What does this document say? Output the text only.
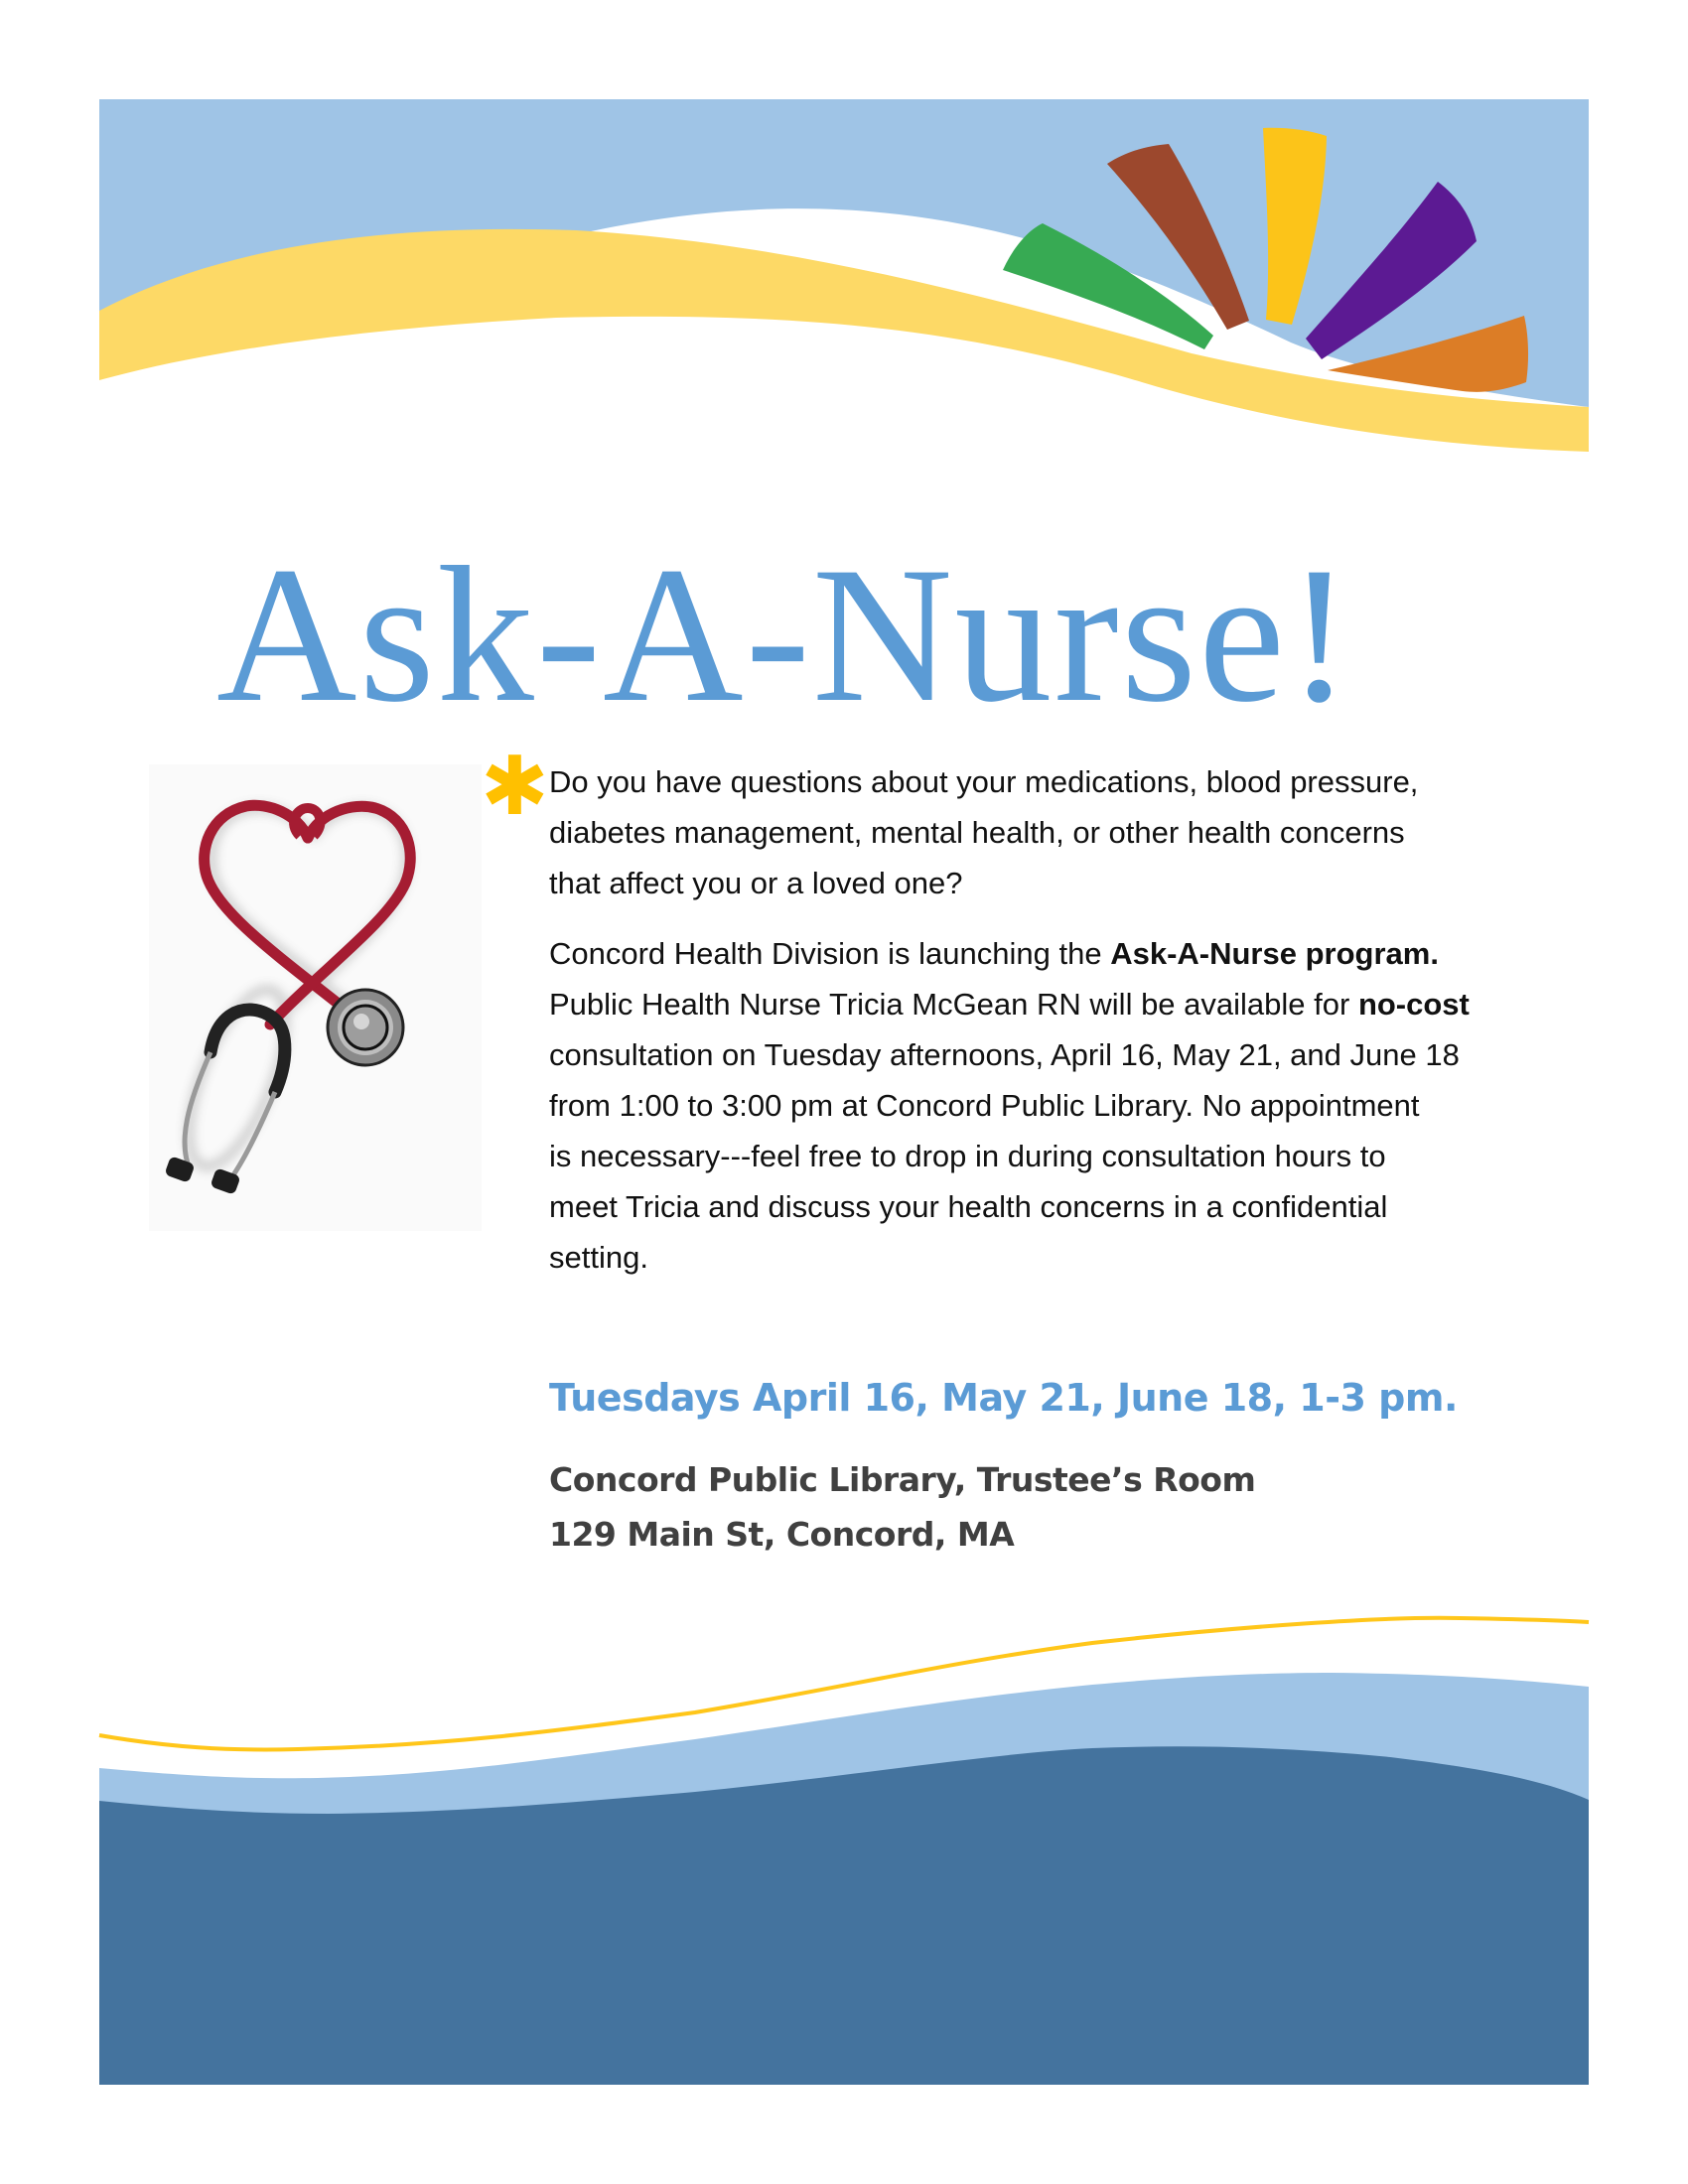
Ask-A-Nurse!
✱ Do you have questions about your medications, blood pressure,
diabetes management, mental health, or other health concerns
that affect you or a loved one?

Concord Health Division is launching the Ask-A-Nurse program.
Public Health Nurse Tricia McGean RN will be available for no-cost
consultation on Tuesday afternoons, April 16, May 21, and June 18
from 1:00 to 3:00 pm at Concord Public Library. No appointment
is necessary---feel free to drop in during consultation hours to
meet Tricia and discuss your health concerns in a confidential
setting.

Tuesdays April 16, May 21, June 18, 1-3 pm.
Concord Public Library, Trustee’s Room
129 Main St, Concord, MA
